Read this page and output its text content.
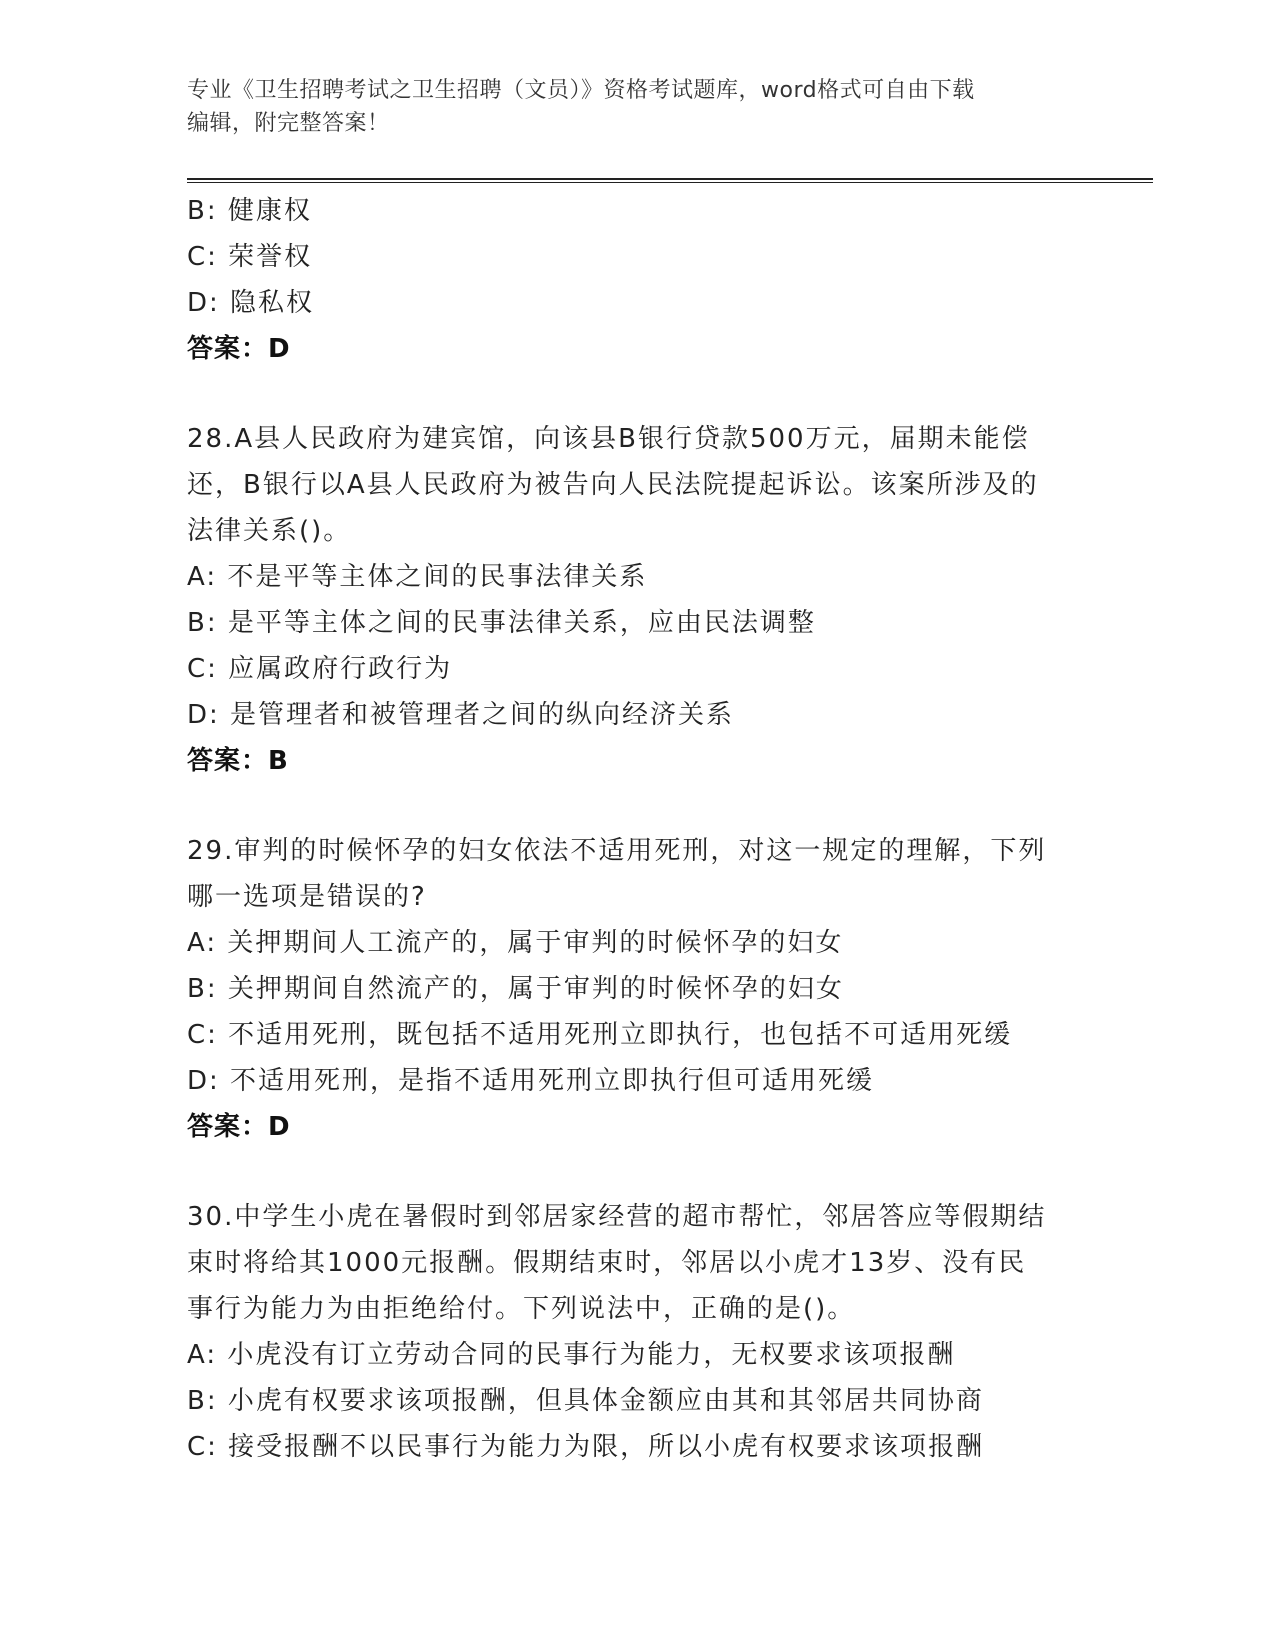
专业《卫生招聘考试之卫生招聘（文员）》资格考试题库，word格式可自由下载
编辑，附完整答案！
B: 健康权
C: 荣誉权
D: 隐私权
答案：D
28.A县人民政府为建宾馆，向该县B银行贷款500万元，届期未能偿
还，B银行以A县人民政府为被告向人民法院提起诉讼。该案所涉及的
法律关系()。
A: 不是平等主体之间的民事法律关系
B: 是平等主体之间的民事法律关系，应由民法调整
C: 应属政府行政行为
D: 是管理者和被管理者之间的纵向经济关系
答案：B
29.审判的时候怀孕的妇女依法不适用死刑，对这一规定的理解，下列
哪一选项是错误的?
A: 关押期间人工流产的，属于审判的时候怀孕的妇女
B: 关押期间自然流产的，属于审判的时候怀孕的妇女
C: 不适用死刑，既包括不适用死刑立即执行，也包括不可适用死缓
D: 不适用死刑，是指不适用死刑立即执行但可适用死缓
答案：D
30.中学生小虎在暑假时到邻居家经营的超市帮忙，邻居答应等假期结
束时将给其1000元报酬。假期结束时，邻居以小虎才13岁、没有民
事行为能力为由拒绝给付。下列说法中，正确的是()。
A: 小虎没有订立劳动合同的民事行为能力，无权要求该项报酬
B: 小虎有权要求该项报酬，但具体金额应由其和其邻居共同协商
C: 接受报酬不以民事行为能力为限，所以小虎有权要求该项报酬
